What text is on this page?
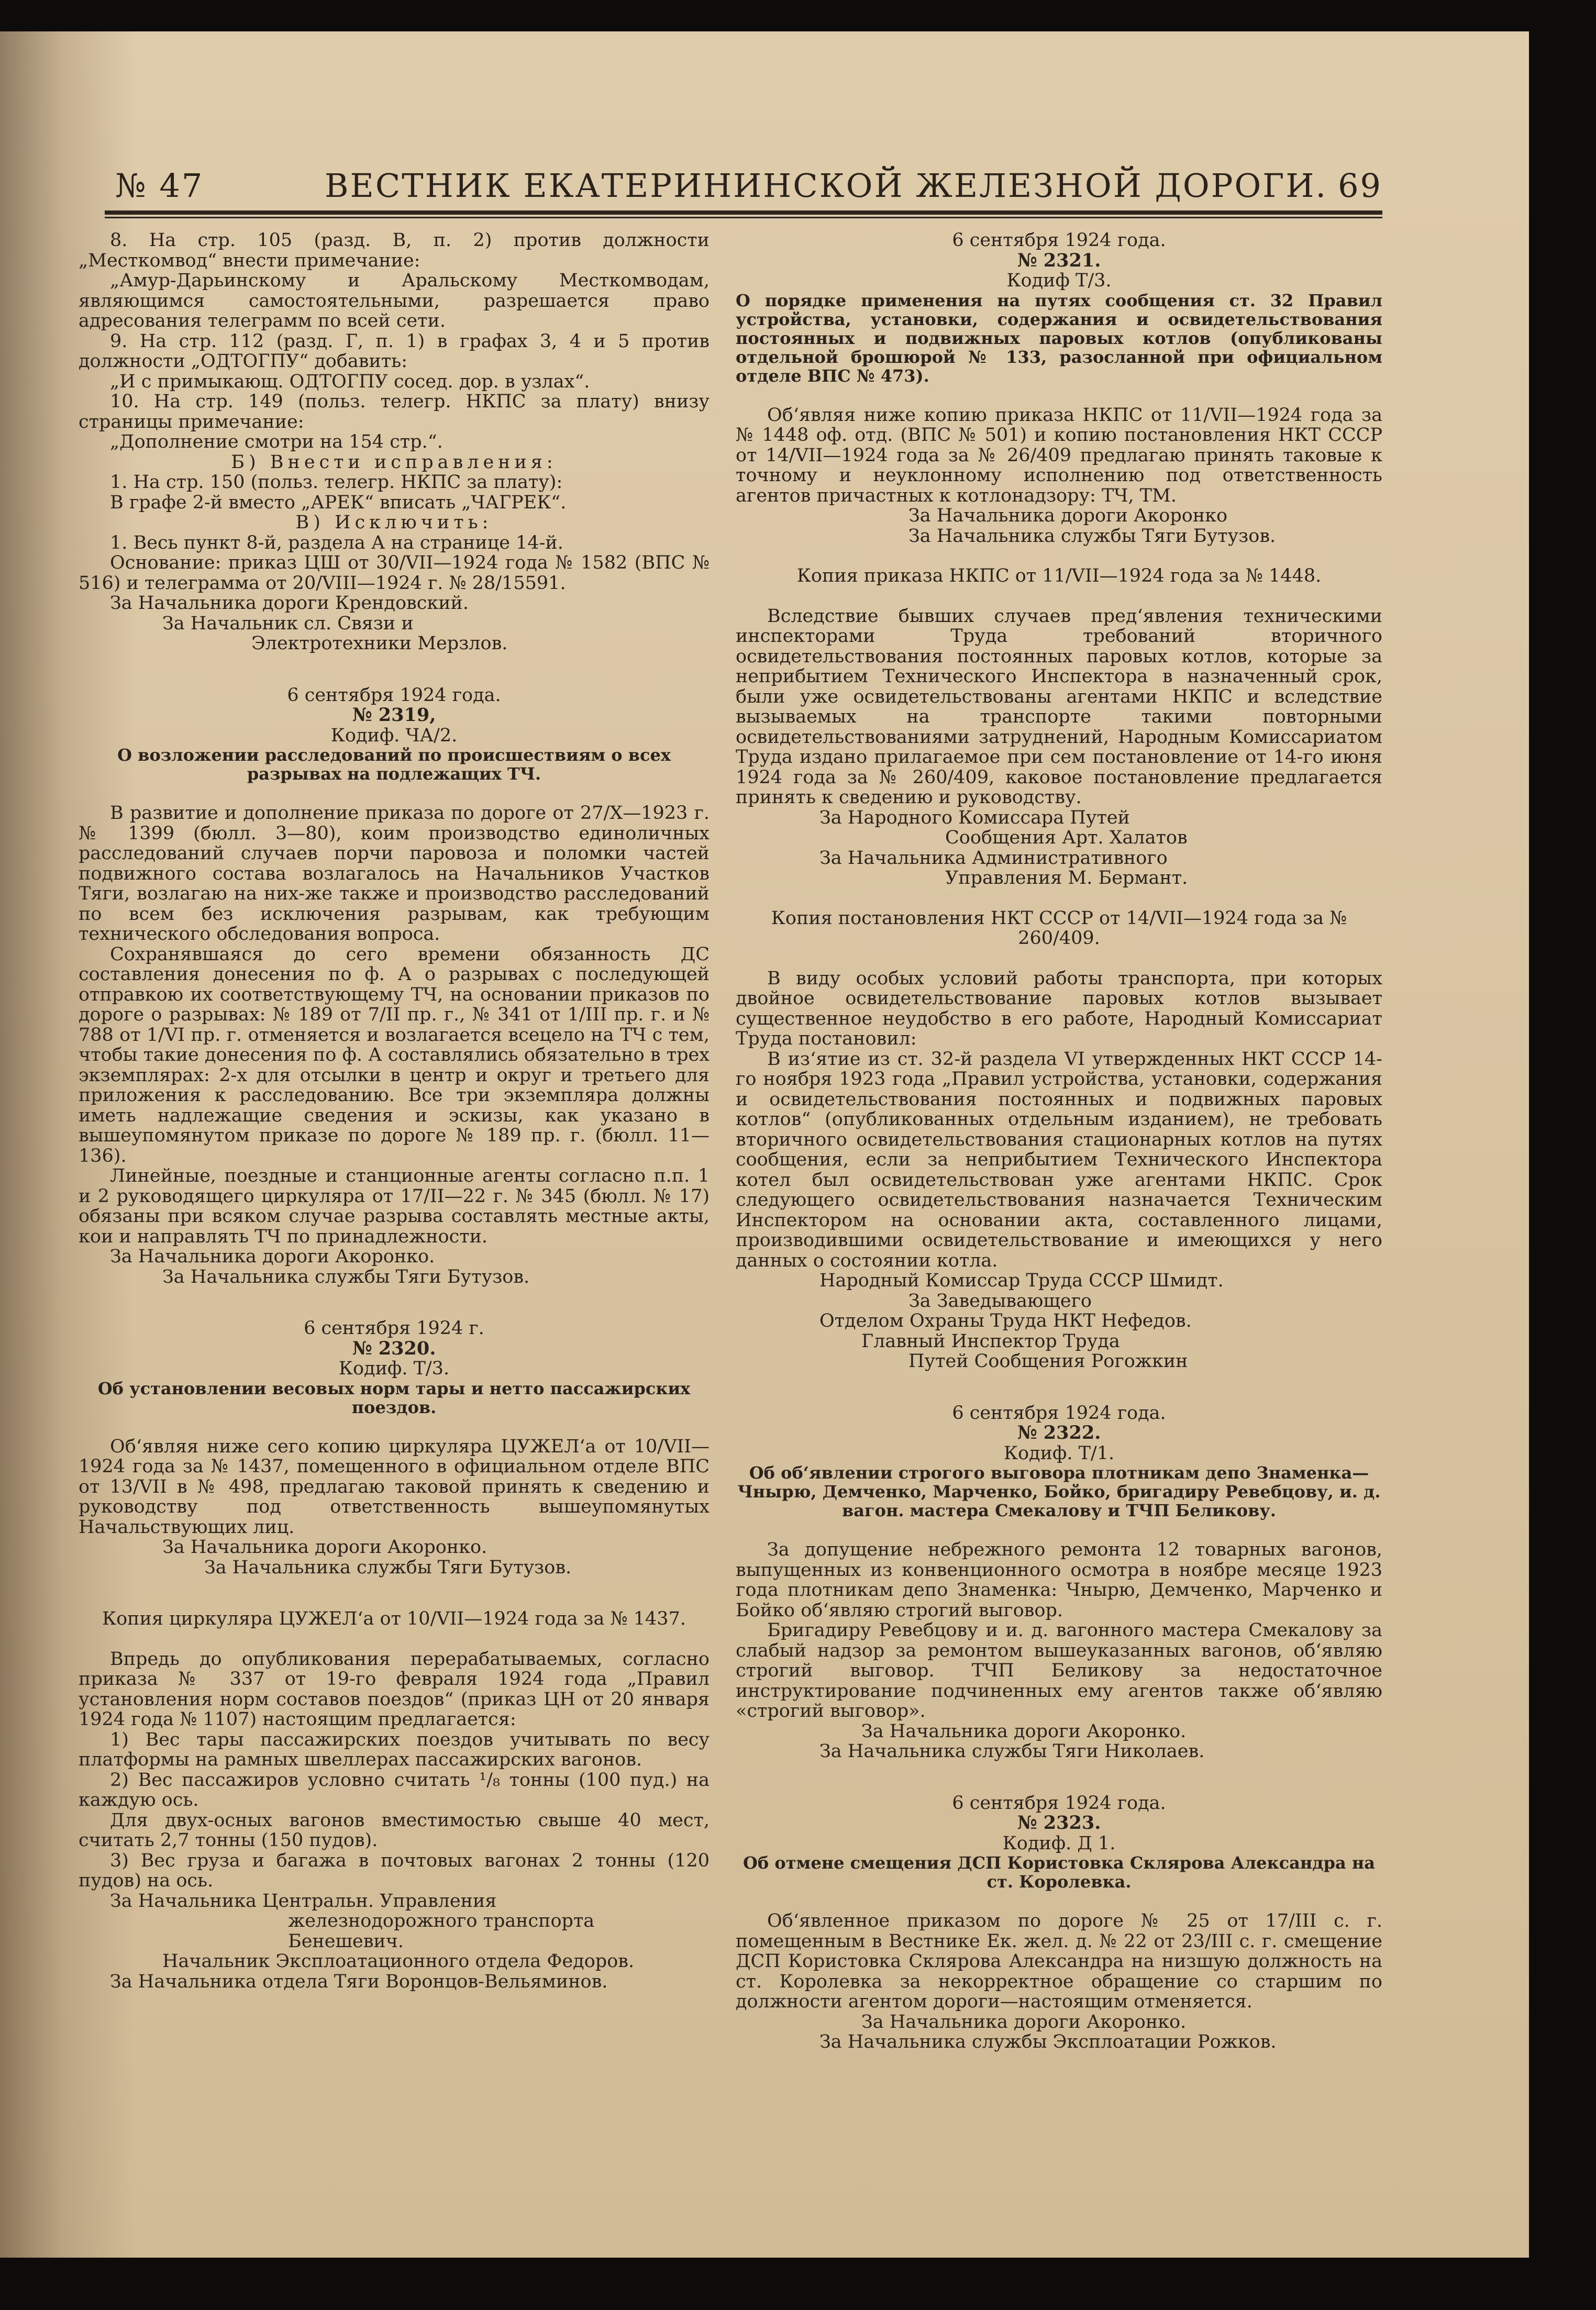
№ 47	ВЕСТНИК ЕКАТЕРИНИНСКОЙ ЖЕЛЕЗНОЙ ДОРОГИ. 69

8. На стр. 105 (разд. В, п. 2) против должности „Месткомвод“ внести примечание:

„Амур-Дарьинскому и Аральскому Месткомводам, являющимся самостоятельными, разрешается право адресования телеграмм по всей сети.

9. На стр. 112 (разд. Г, п. 1) в графах 3, 4 и 5 против должности „ОДТОГПУ“ добавить:

„И с примыкающ. ОДТОГПУ сосед. дор. в узлах“.

10. На стр. 149 (польз. телегр. НКПС за плату) внизу страницы примечание:

„Дополнение смотри на 154 стр.“.

Б) Внести исправления:

1. На стр. 150 (польз. телегр. НКПС за плату):

В графе 2-й вместо „АРЕК“ вписать „ЧАГРЕК“.

В) Исключить:

1. Весь пункт 8-й, раздела А на странице 14-й.

Основание: приказ ЦШ от 30/VII—1924 года № 1582 (ВПС № 516) и телеграмма от 20/VIII—1924 г. № 28/15591.

За Начальника дороги Крендовский.

За Начальник сл. Связи и

Электротехники Мерзлов.

6 сентября 1924 года.

№ 2319,

Кодиф. ЧА/2.

О возложении расследований по происшествиям о всех разрывах на подлежащих ТЧ.

В развитие и дополнение приказа по дороге от 27/X—1923 г. № 1399 (бюлл. 3—80), коим производство единоличных расследований случаев порчи паровоза и поломки частей подвижного состава возлагалось на Начальников Участков Тяги, возлагаю на них-же также и производство расследований по всем без исключения разрывам, как требующим технического обследования вопроса.

Сохранявшаяся до сего времени обязанность ДС составления донесения по ф. А о разрывах с последующей отправкою их соответствующему ТЧ, на основании приказов по дороге о разрывах: № 189 от 7/II пр. г., № 341 от 1/III пр. г. и № 788 от 1/VI пр. г. отменяется и возлагается всецело на ТЧ с тем, чтобы такие донесения по ф. А составлялись обязательно в трех экземплярах: 2-х для отсылки в центр и округ и третьего для приложения к расследованию. Все три экземпляра должны иметь надлежащие сведения и эскизы, как указано в вышеупомянутом приказе по дороге № 189 пр. г. (бюлл. 11—136).

Линейные, поездные и станционные агенты согласно п.п. 1 и 2 руководящего циркуляра от 17/II—22 г. № 345 (бюлл. № 17) обязаны при всяком случае разрыва составлять местные акты, кои и направлять ТЧ по принадлежности.

За Начальника дороги Акоронко.

За Начальника службы Тяги Бутузов.

6 сентября 1924 г.

№ 2320.

Кодиф. Т/3.

Об установлении весовых норм тары и нетто пассажирских поездов.

Об‘являя ниже сего копию циркуляра ЦУЖЕЛ‘а от 10/VII—1924 года за № 1437, помещенного в официальном отделе ВПС от 13/VII в № 498, предлагаю таковой принять к сведению и руководству под ответственность вышеупомянутых Начальствующих лиц.

За Начальника дороги Акоронко.

За Начальника службы Тяги Бутузов.

Копия циркуляра ЦУЖЕЛ‘а от 10/VII—1924 года за № 1437.

Впредь до опубликования перерабатываемых, согласно приказа № 337 от 19-го февраля 1924 года „Правил установления норм составов поездов“ (приказ ЦН от 20 января 1924 года № 1107) настоящим предлагается:

1) Вес тары пассажирских поездов учитывать по весу платформы на рамных швеллерах пассажирских вагонов.

2) Вес пассажиров условно считать ¹/₈ тонны (100 пуд.) на каждую ось.

Для двух-осных вагонов вместимостью свыше 40 мест, считать 2,7 тонны (150 пудов).

3) Вес груза и багажа в почтовых вагонах 2 тонны (120 пудов) на ось.

За Начальника Центральн. Управления

железнодорожного транспорта Бенешевич.

Начальник Эксплоатационного отдела Федоров.

За Начальника отдела Тяги Воронцов-Вельяминов.

6 сентября 1924 года.

№ 2321.

Кодиф Т/3.

О порядке применения на путях сообщения ст. 32 Правил устройства, установки, содержания и освидетельствования постоянных и подвижных паровых котлов (опубликованы отдельной брошюрой № 133, разосланной при официальном отделе ВПС № 473).

Об‘являя ниже копию приказа НКПС от 11/VII—1924 года за № 1448 оф. отд. (ВПС № 501) и копию постановления НКТ СССР от 14/VII—1924 года за № 26/409 предлагаю принять таковые к точному и неуклонному исполнению под ответственность агентов причастных к котлонадзору: ТЧ, ТМ.

За Начальника дороги Акоронко

За Начальника службы Тяги Бутузов.

Копия приказа НКПС от 11/VII—1924 года за № 1448.

Вследствие бывших случаев пред‘явления техническими инспекторами Труда требований вторичного освидетельствования постоянных паровых котлов, которые за неприбытием Технического Инспектора в назначенный срок, были уже освидетельствованы агентами НКПС и вследствие вызываемых на транспорте такими повторными освидетельствованиями затруднений, Народным Комиссариатом Труда издано прилагаемое при сем постановление от 14-го июня 1924 года за № 260/409, каковое постановление предлагается принять к сведению и руководству.

За Народного Комиссара Путей

Сообщения Арт. Халатов

За Начальника Административного

Управления М. Бермант.

Копия постановления НКТ СССР от 14/VII—1924 года за № 260/409.

В виду особых условий работы транспорта, при которых двойное освидетельствование паровых котлов вызывает существенное неудобство в его работе, Народный Комиссариат Труда постановил:

В из‘ятие из ст. 32-й раздела VI утвержденных НКТ СССР 14-го ноября 1923 года „Правил устройства, установки, содержания и освидетельствования постоянных и подвижных паровых котлов“ (опубликованных отдельным изданием), не требовать вторичного освидетельствования стационарных котлов на путях сообщения, если за неприбытием Технического Инспектора котел был освидетельствован уже агентами НКПС. Срок следующего освидетельствования назначается Техническим Инспектором на основании акта, составленного лицами, производившими освидетельствование и имеющихся у него данных о состоянии котла.

Народный Комиссар Труда СССР Шмидт.

За Заведывающего

Отделом Охраны Труда НКТ Нефедов.

Главный Инспектор Труда

Путей Сообщения Рогожкин

6 сентября 1924 года.

№ 2322.

Кодиф. Т/1.

Об об‘явлении строгого выговора плотникам депо Знаменка—Чнырю, Демченко, Марченко, Бойко, бригадиру Ревебцову, и. д. вагон. мастера Смекалову и ТЧП Беликову.

За допущение небрежного ремонта 12 товарных вагонов, выпущенных из конвенционного осмотра в ноябре месяце 1923 года плотникам депо Знаменка: Чнырю, Демченко, Марченко и Бойко об‘являю строгий выговор.

Бригадиру Ревебцову и и. д. вагонного мастера Смекалову за слабый надзор за ремонтом вышеуказанных вагонов, об‘являю строгий выговор. ТЧП Беликову за недостаточное инструктирование подчиненных ему агентов также об‘являю «строгий выговор».

За Начальника дороги Акоронко.

За Начальника службы Тяги Николаев.

6 сентября 1924 года.

№ 2323.

Кодиф. Д 1.

Об отмене смещения ДСП Користовка Склярова Александра на ст. Королевка.

Об‘явленное приказом по дороге № 25 от 17/III с. г. помещенным в Вестнике Ек. жел. д. № 22 от 23/III с. г. смещение ДСП Користовка Склярова Александра на низшую должность на ст. Королевка за некорректное обращение со старшим по должности агентом дороги—настоящим отменяется.

За Начальника дороги Акоронко.

За Начальника службы Эксплоатации Рожков.
